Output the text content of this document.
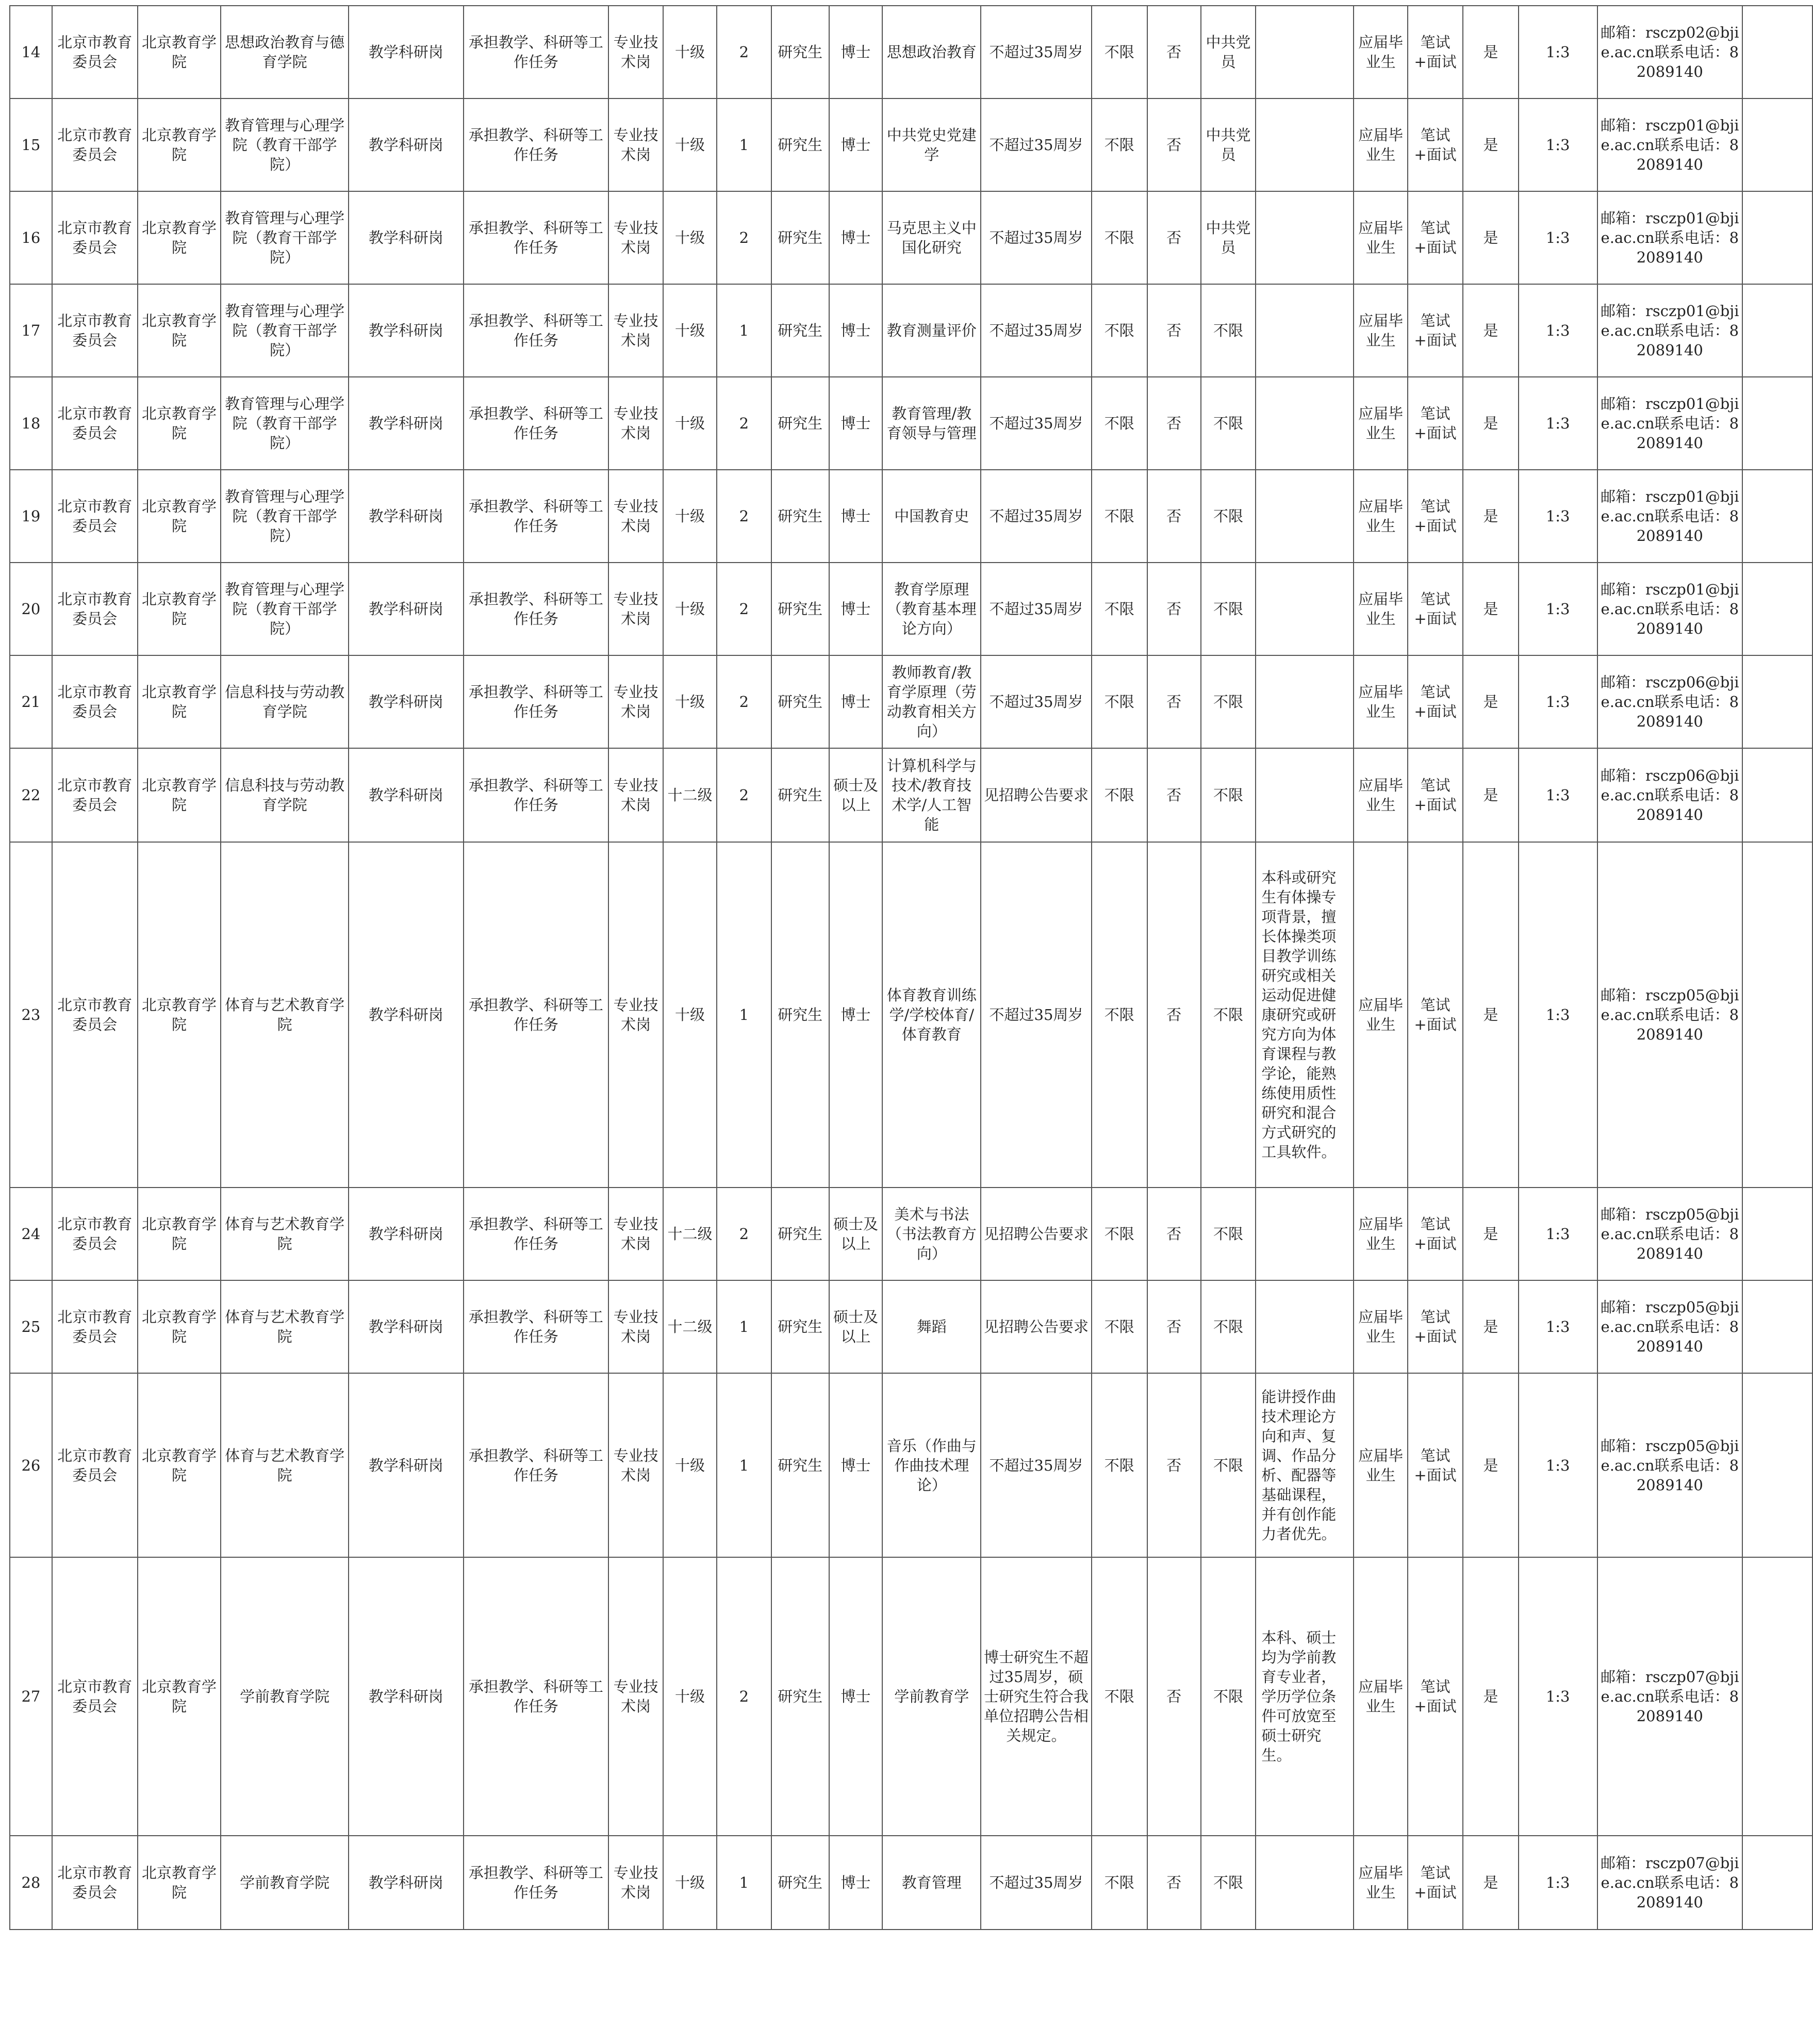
14	北京市教育委员会	北京教育学院	思想政治教育与德育学院	教学科研岗	承担教学、科研等工作任务	专业技术岗	十级	2	研究生	博士	思想政治教育	不超过35周岁	不限	否	中共党员		应届毕业生	笔试+面试	是	1:3	邮箱：rsczp02@bjie.ac.cn联系电话：82089140	
15	北京市教育委员会	北京教育学院	教育管理与心理学院（教育干部学院）	教学科研岗	承担教学、科研等工作任务	专业技术岗	十级	1	研究生	博士	中共党史党建学	不超过35周岁	不限	否	中共党员		应届毕业生	笔试+面试	是	1:3	邮箱：rsczp01@bjie.ac.cn联系电话：82089140	
16	北京市教育委员会	北京教育学院	教育管理与心理学院（教育干部学院）	教学科研岗	承担教学、科研等工作任务	专业技术岗	十级	2	研究生	博士	马克思主义中国化研究	不超过35周岁	不限	否	中共党员		应届毕业生	笔试+面试	是	1:3	邮箱：rsczp01@bjie.ac.cn联系电话：82089140	
17	北京市教育委员会	北京教育学院	教育管理与心理学院（教育干部学院）	教学科研岗	承担教学、科研等工作任务	专业技术岗	十级	1	研究生	博士	教育测量评价	不超过35周岁	不限	否	不限		应届毕业生	笔试+面试	是	1:3	邮箱：rsczp01@bjie.ac.cn联系电话：82089140	
18	北京市教育委员会	北京教育学院	教育管理与心理学院（教育干部学院）	教学科研岗	承担教学、科研等工作任务	专业技术岗	十级	2	研究生	博士	教育管理/教育领导与管理	不超过35周岁	不限	否	不限		应届毕业生	笔试+面试	是	1:3	邮箱：rsczp01@bjie.ac.cn联系电话：82089140	
19	北京市教育委员会	北京教育学院	教育管理与心理学院（教育干部学院）	教学科研岗	承担教学、科研等工作任务	专业技术岗	十级	2	研究生	博士	中国教育史	不超过35周岁	不限	否	不限		应届毕业生	笔试+面试	是	1:3	邮箱：rsczp01@bjie.ac.cn联系电话：82089140	
20	北京市教育委员会	北京教育学院	教育管理与心理学院（教育干部学院）	教学科研岗	承担教学、科研等工作任务	专业技术岗	十级	2	研究生	博士	教育学原理（教育基本理论方向）	不超过35周岁	不限	否	不限		应届毕业生	笔试+面试	是	1:3	邮箱：rsczp01@bjie.ac.cn联系电话：82089140	
21	北京市教育委员会	北京教育学院	信息科技与劳动教育学院	教学科研岗	承担教学、科研等工作任务	专业技术岗	十级	2	研究生	博士	教师教育/教育学原理（劳动教育相关方向）	不超过35周岁	不限	否	不限		应届毕业生	笔试+面试	是	1:3	邮箱：rsczp06@bjie.ac.cn联系电话：82089140	
22	北京市教育委员会	北京教育学院	信息科技与劳动教育学院	教学科研岗	承担教学、科研等工作任务	专业技术岗	十二级	2	研究生	硕士及以上	计算机科学与技术/教育技术学/人工智能	见招聘公告要求	不限	否	不限		应届毕业生	笔试+面试	是	1:3	邮箱：rsczp06@bjie.ac.cn联系电话：82089140	
23	北京市教育委员会	北京教育学院	体育与艺术教育学院	教学科研岗	承担教学、科研等工作任务	专业技术岗	十级	1	研究生	博士	体育教育训练学/学校体育/体育教育	不超过35周岁	不限	否	不限	本科或研究生有体操专项背景，擅长体操类项目教学训练研究或相关运动促进健康研究或研究方向为体育课程与教学论，能熟练使用质性研究和混合方式研究的工具软件。	应届毕业生	笔试+面试	是	1:3	邮箱：rsczp05@bjie.ac.cn联系电话：82089140	
24	北京市教育委员会	北京教育学院	体育与艺术教育学院	教学科研岗	承担教学、科研等工作任务	专业技术岗	十二级	2	研究生	硕士及以上	美术与书法（书法教育方向）	见招聘公告要求	不限	否	不限		应届毕业生	笔试+面试	是	1:3	邮箱：rsczp05@bjie.ac.cn联系电话：82089140	
25	北京市教育委员会	北京教育学院	体育与艺术教育学院	教学科研岗	承担教学、科研等工作任务	专业技术岗	十二级	1	研究生	硕士及以上	舞蹈	见招聘公告要求	不限	否	不限		应届毕业生	笔试+面试	是	1:3	邮箱：rsczp05@bjie.ac.cn联系电话：82089140	
26	北京市教育委员会	北京教育学院	体育与艺术教育学院	教学科研岗	承担教学、科研等工作任务	专业技术岗	十级	1	研究生	博士	音乐（作曲与作曲技术理论）	不超过35周岁	不限	否	不限	能讲授作曲技术理论方向和声、复调、作品分析、配器等基础课程，并有创作能力者优先。	应届毕业生	笔试+面试	是	1:3	邮箱：rsczp05@bjie.ac.cn联系电话：82089140	
27	北京市教育委员会	北京教育学院	学前教育学院	教学科研岗	承担教学、科研等工作任务	专业技术岗	十级	2	研究生	博士	学前教育学	博士研究生不超过35周岁，硕士研究生符合我单位招聘公告相关规定。	不限	否	不限	本科、硕士均为学前教育专业者，学历学位条件可放宽至硕士研究生。	应届毕业生	笔试+面试	是	1:3	邮箱：rsczp07@bjie.ac.cn联系电话：82089140	
28	北京市教育委员会	北京教育学院	学前教育学院	教学科研岗	承担教学、科研等工作任务	专业技术岗	十级	1	研究生	博士	教育管理	不超过35周岁	不限	否	不限		应届毕业生	笔试+面试	是	1:3	邮箱：rsczp07@bjie.ac.cn联系电话：82089140	
